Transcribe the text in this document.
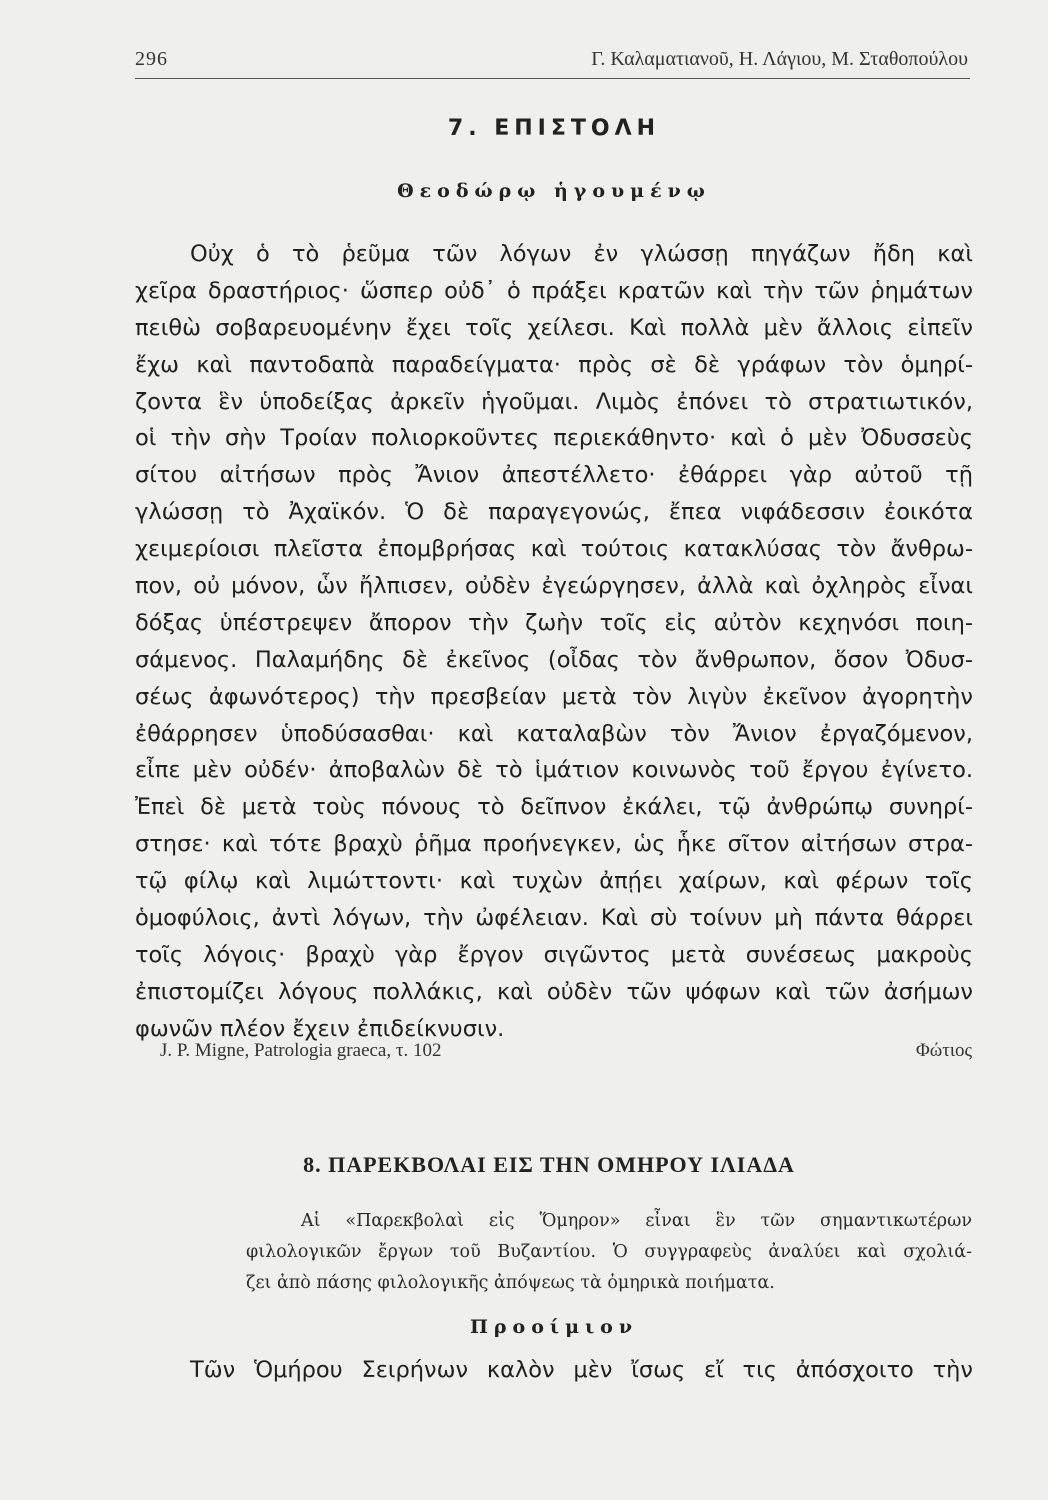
296	Γ. Καλαματιανοῦ, Η. Λάγιου, Μ. Σταθοπούλου
7. ΕΠΙΣΤΟΛΗ
Θεοδώρῳ ἡγουμένῳ
Οὐχ ὁ τὸ ῥεῦμα τῶν λόγων ἐν γλώσσῃ πηγάζων ἤδη καὶ
χεῖρα δραστήριος· ὥσπερ οὐδ᾽ ὁ πράξει κρατῶν καὶ τὴν τῶν ῥημάτων
πειθὼ σοβαρευομένην ἔχει τοῖς χείλεσι. Καὶ πολλὰ μὲν ἄλλοις εἰπεῖν
ἔχω καὶ παντοδαπὰ παραδείγματα· πρὸς σὲ δὲ γράφων τὸν ὁμηρί-
ζοντα ἓν ὑποδείξας ἀρκεῖν ἡγοῦμαι. Λιμὸς ἐπόνει τὸ στρατιωτικόν,
οἱ τὴν σὴν Τροίαν πολιορκοῦντες περιεκάθηντο· καὶ ὁ μὲν Ὀδυσσεὺς
σίτου αἰτήσων πρὸς Ἄνιον ἀπεστέλλετο· ἐθάρρει γὰρ αὐτοῦ τῇ
γλώσσῃ τὸ Ἀχαϊκόν. Ὁ δὲ παραγεγονώς, ἔπεα νιφάδεσσιν ἐοικότα
χειμερίοισι πλεῖστα ἐπομβρήσας καὶ τούτοις κατακλύσας τὸν ἄνθρω-
πον, οὐ μόνον, ὧν ἤλπισεν, οὐδὲν ἐγεώργησεν, ἀλλὰ καὶ ὀχληρὸς εἶναι
δόξας ὑπέστρεψεν ἄπορον τὴν ζωὴν τοῖς εἰς αὐτὸν κεχηνόσι ποιη-
σάμενος. Παλαμήδης δὲ ἐκεῖνος (οἶδας τὸν ἄνθρωπον, ὅσον Ὀδυσ-
σέως ἀφωνότερος) τὴν πρεσβείαν μετὰ τὸν λιγὺν ἐκεῖνον ἀγορητὴν
ἐθάρρησεν ὑποδύσασθαι· καὶ καταλαβὼν τὸν Ἄνιον ἐργαζόμενον,
εἶπε μὲν οὐδέν· ἀποβαλὼν δὲ τὸ ἱμάτιον κοινωνὸς τοῦ ἔργου ἐγίνετο.
Ἐπεὶ δὲ μετὰ τοὺς πόνους τὸ δεῖπνον ἐκάλει, τῷ ἀνθρώπῳ συνηρί-
στησε· καὶ τότε βραχὺ ῥῆμα προήνεγκεν, ὡς ἧκε σῖτον αἰτήσων στρα-
τῷ φίλῳ καὶ λιμώττοντι· καὶ τυχὼν ἀπῄει χαίρων, καὶ φέρων τοῖς
ὁμοφύλοις, ἀντὶ λόγων, τὴν ὠφέλειαν. Καὶ σὺ τοίνυν μὴ πάντα θάρρει
τοῖς λόγοις· βραχὺ γὰρ ἔργον σιγῶντος μετὰ συνέσεως μακροὺς
ἐπιστομίζει λόγους πολλάκις, καὶ οὐδὲν τῶν ψόφων καὶ τῶν ἀσήμων
φωνῶν πλέον ἔχειν ἐπιδείκνυσιν.
J. P. Migne, Patrologia graeca, τ. 102	Φώτιος
8. ΠΑΡΕΚΒΟΛΑΙ ΕΙΣ ΤΗΝ ΟΜΗΡΟΥ ΙΛΙΑΔΑ
Αἱ «Παρεκβολαὶ εἰς Ὅμηρον» εἶναι ἓν τῶν σημαντικωτέρων
φιλολογικῶν ἔργων τοῦ Βυζαντίου. Ὁ συγγραφεὺς ἀναλύει καὶ σχολιά-
ζει ἀπὸ πάσης φιλολογικῆς ἀπόψεως τὰ ὁμηρικὰ ποιήματα.
Προοίμιον
Τῶν Ὁμήρου Σειρήνων καλὸν μὲν ἴσως εἴ τις ἀπόσχοιτο τὴν
